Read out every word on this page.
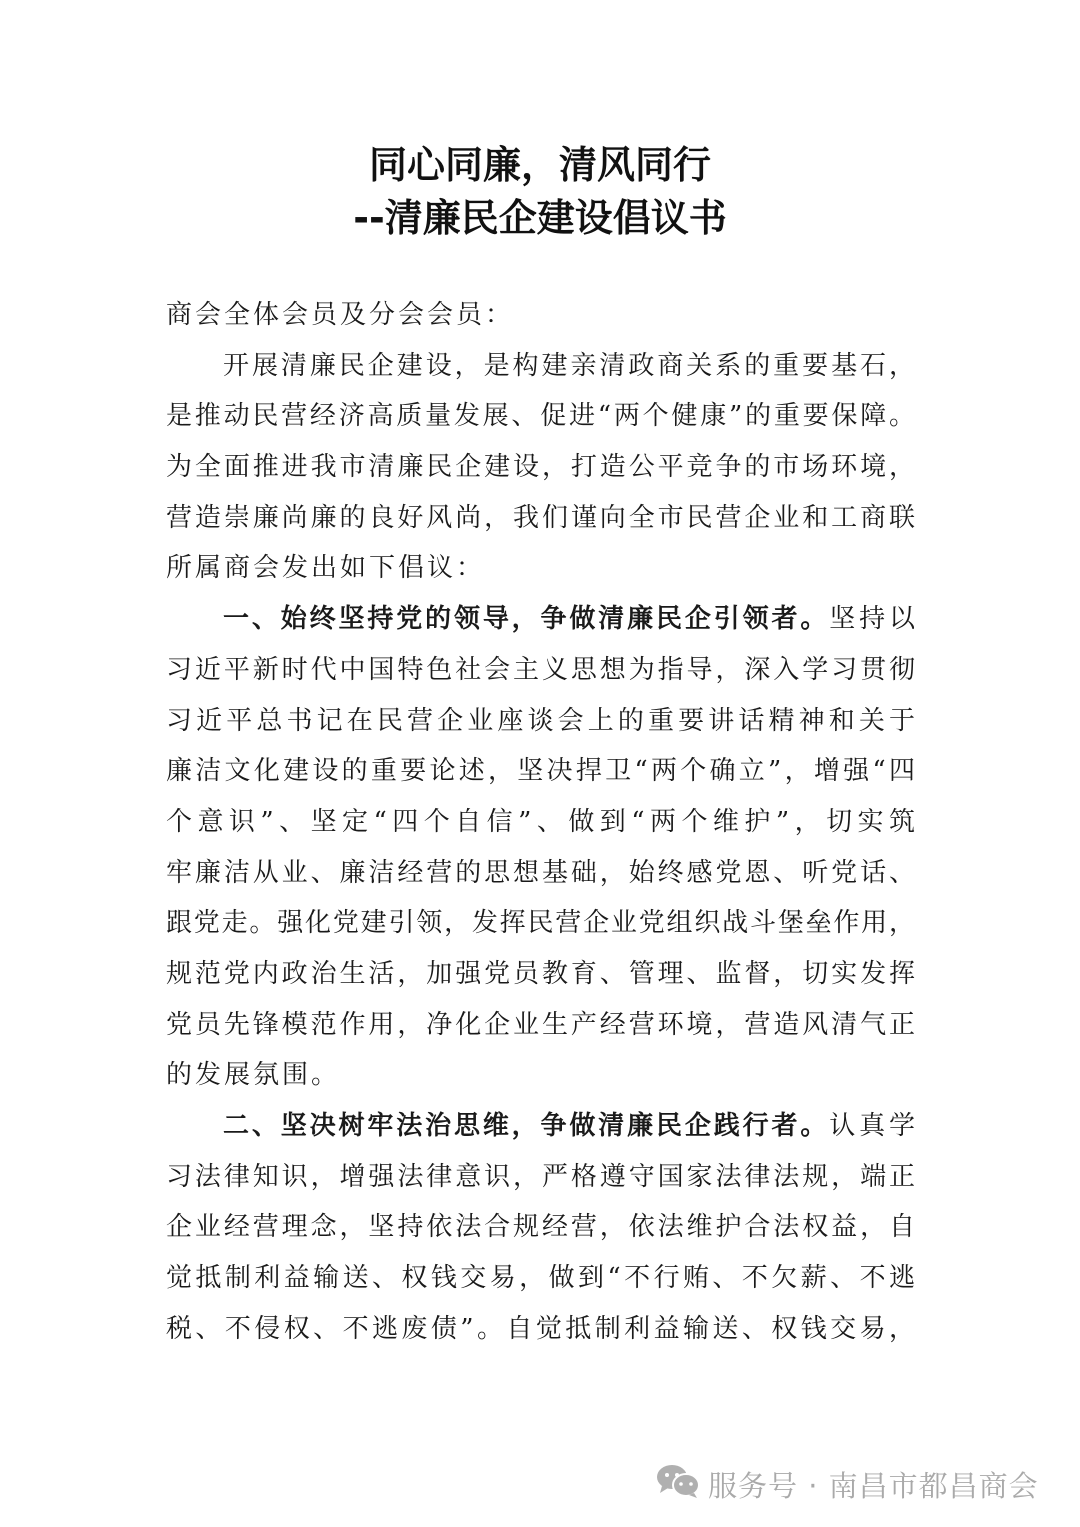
同心同廉，清风同行
--清廉民企建设倡议书
商会全体会员及分会会员：
开展清廉民企建设，是构建亲清政商关系的重要基石，
是推动民营经济高质量发展、促进“两个健康”的重要保障。
为全面推进我市清廉民企建设，打造公平竞争的市场环境，
营造崇廉尚廉的良好风尚，我们谨向全市民营企业和工商联
所属商会发出如下倡议：
一、始终坚持党的领导，争做清廉民企引领者。坚持以
习近平新时代中国特色社会主义思想为指导，深入学习贯彻
习近平总书记在民营企业座谈会上的重要讲话精神和关于
廉洁文化建设的重要论述，坚决捍卫“两个确立”，增强“四
个意识”、坚定“四个自信”、做到“两个维护”，切实筑
牢廉洁从业、廉洁经营的思想基础，始终感党恩、听党话、
跟党走。强化党建引领，发挥民营企业党组织战斗堡垒作用，
规范党内政治生活，加强党员教育、管理、监督，切实发挥
党员先锋模范作用，净化企业生产经营环境，营造风清气正
的发展氛围。
二、坚决树牢法治思维，争做清廉民企践行者。认真学
习法律知识，增强法律意识，严格遵守国家法律法规，端正
企业经营理念，坚持依法合规经营，依法维护合法权益，自
觉抵制利益输送、权钱交易，做到“不行贿、不欠薪、不逃
税、不侵权、不逃废债”。自觉抵制利益输送、权钱交易，
服务号 · 南昌市都昌商会
